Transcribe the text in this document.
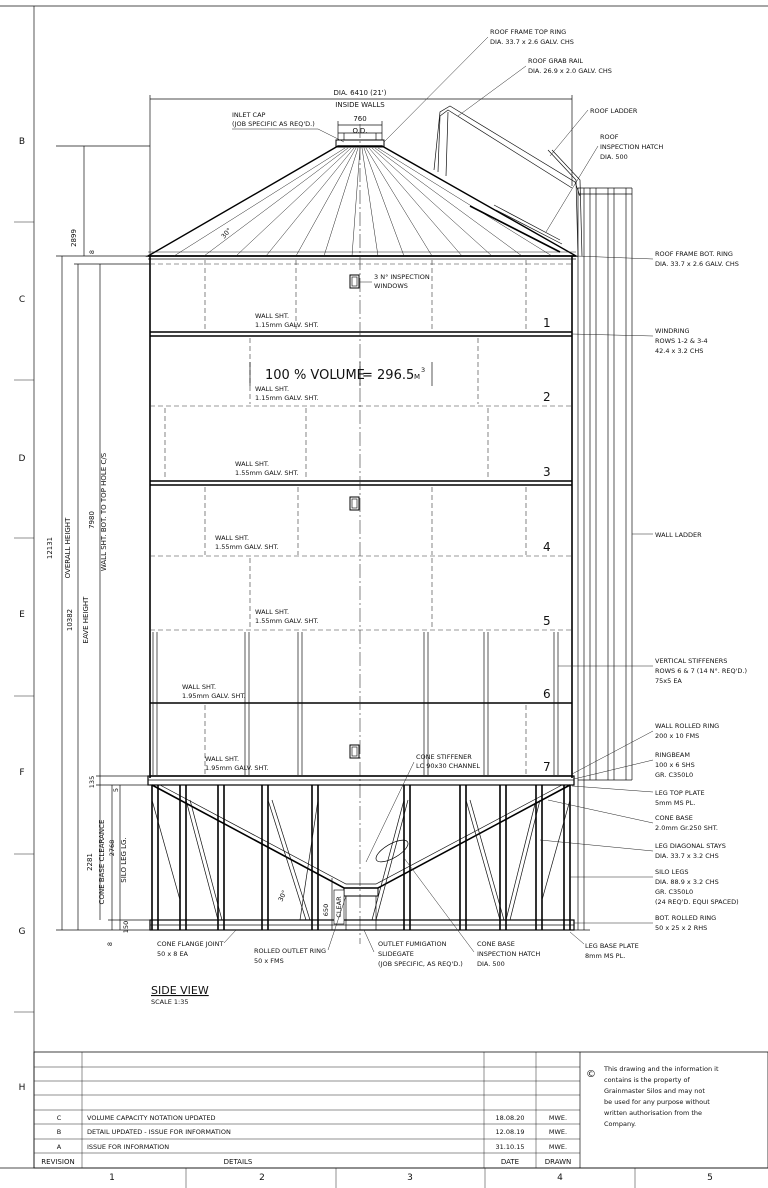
B
C
D
E
F
G
H
1	2	3	4	5
30°
1
2
3
4
5
6
7
30°
DIA. 6410 (21')
INSIDE WALLS
760
O.D.
12131 OVERALL HEIGHT
10382 EAVE HEIGHT
7980 WALL SHT. BOT. TO TOP HOLE C/S
2899
8
135
5
2281 CONE BASE CLEARANCE 2768 SILO LEG LG.
150
8
650 CLEAR
100 % VOLUME
= 296.5 M
3
INLET CAP
(JOB SPECIFIC AS REQ'D.)
3 N° INSPECTION
WINDOWS
WALL SHT.
1.15mm GALV. SHT.
WALL SHT.
1.15mm GALV. SHT.
WALL SHT.
1.55mm GALV. SHT.
WALL SHT.
1.55mm GALV. SHT.
WALL SHT.
1.55mm GALV. SHT.
WALL SHT.
1.95mm GALV. SHT.
WALL SHT.
1.95mm GALV. SHT.
CONE STIFFENER
LC 90x30 CHANNEL
CONE FLANGE JOINT
50 x 8 EA	ROLLED OUTLET RING
50 x FMS
OUTLET FUMIGATION
SLIDEGATE
(JOB SPECIFIC, AS REQ'D.)
CONE BASE
INSPECTION HATCH
DIA. 500
LEG BASE PLATE
8mm MS PL.
ROOF FRAME TOP RING
DIA. 33.7 x 2.6 GALV. CHS
ROOF GRAB RAIL
DIA. 26.9 x 2.0 GALV. CHS
ROOF LADDER
ROOF
INSPECTION HATCH
DIA. 500
ROOF FRAME BOT. RING
DIA. 33.7 x 2.6 GALV. CHS
WINDRING
ROWS 1-2 & 3-4
42.4 x 3.2 CHS
WALL LADDER
VERTICAL STIFFENERS
ROWS 6 & 7 (14 N°. REQ'D.)
75x5 EA
WALL ROLLED RING
200 x 10 FMS
RINGBEAM
100 x 6 SHS
GR. C350L0
LEG TOP PLATE
5mm MS PL.
CONE BASE
2.0mm Gr.250 SHT.
LEG DIAGONAL STAYS
DIA. 33.7 x 3.2 CHS
SILO LEGS
DIA. 88.9 x 3.2 CHS
GR. C350L0
(24 REQ'D. EQUI SPACED)
BOT. ROLLED RING
50 x 25 x 2 RHS
SIDE VIEW
SCALE 1:35
C	VOLUME CAPACITY NOTATION UPDATED	18.08.20	MWE.
B	DETAIL UPDATED - ISSUE FOR INFORMATION	12.08.19	MWE.
A	ISSUE FOR INFORMATION	31.10.15	MWE.
REVISION	DETAILS	DATE	DRAWN
© This drawing and the information it
contains is the property of
Grainmaster Silos and may not
be used for any purpose without
written authorisation from the
Company.
